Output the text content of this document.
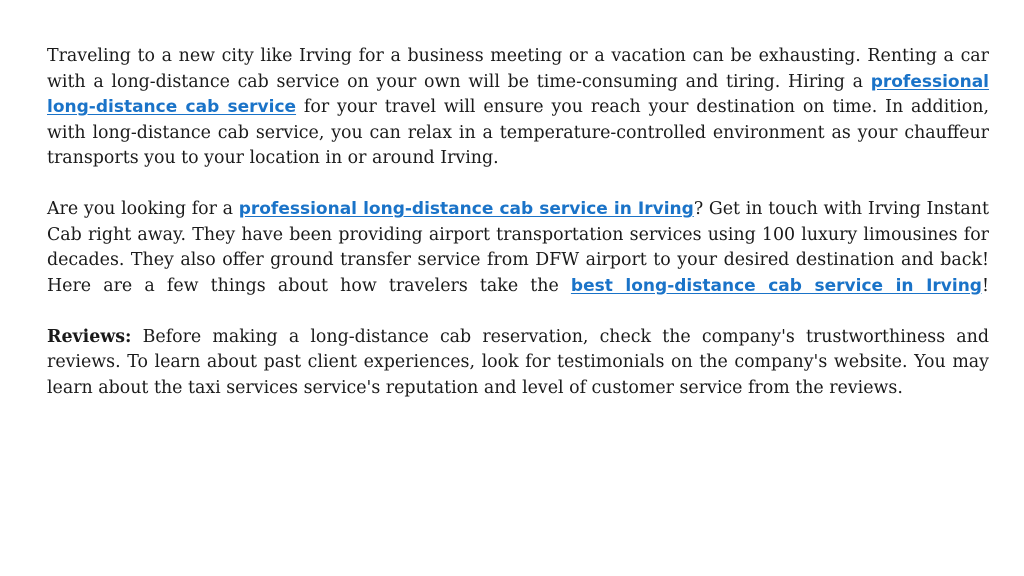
Traveling to a new city like Irving for a business meeting or a vacation can be exhausting. Renting a car with a long-distance cab service on your own will be time-consuming and tiring. Hiring a professional long-distance cab service for your travel will ensure you reach your destination on time. In addition, with long-distance cab service, you can relax in a temperature-controlled environment as your chauffeur transports you to your location in or around Irving.

Are you looking for a professional long-distance cab service in Irving? Get in touch with Irving Instant Cab right away. They have been providing airport transportation services using 100 luxury limousines for decades. They also offer ground transfer service from DFW airport to your desired destination and back! Here are a few things about how travelers take the best long-distance cab service in Irving!

Reviews: Before making a long-distance cab reservation, check the company's trustworthiness and reviews. To learn about past client experiences, look for testimonials on the company's website. You may learn about the taxi services service's reputation and level of customer service from the reviews.
